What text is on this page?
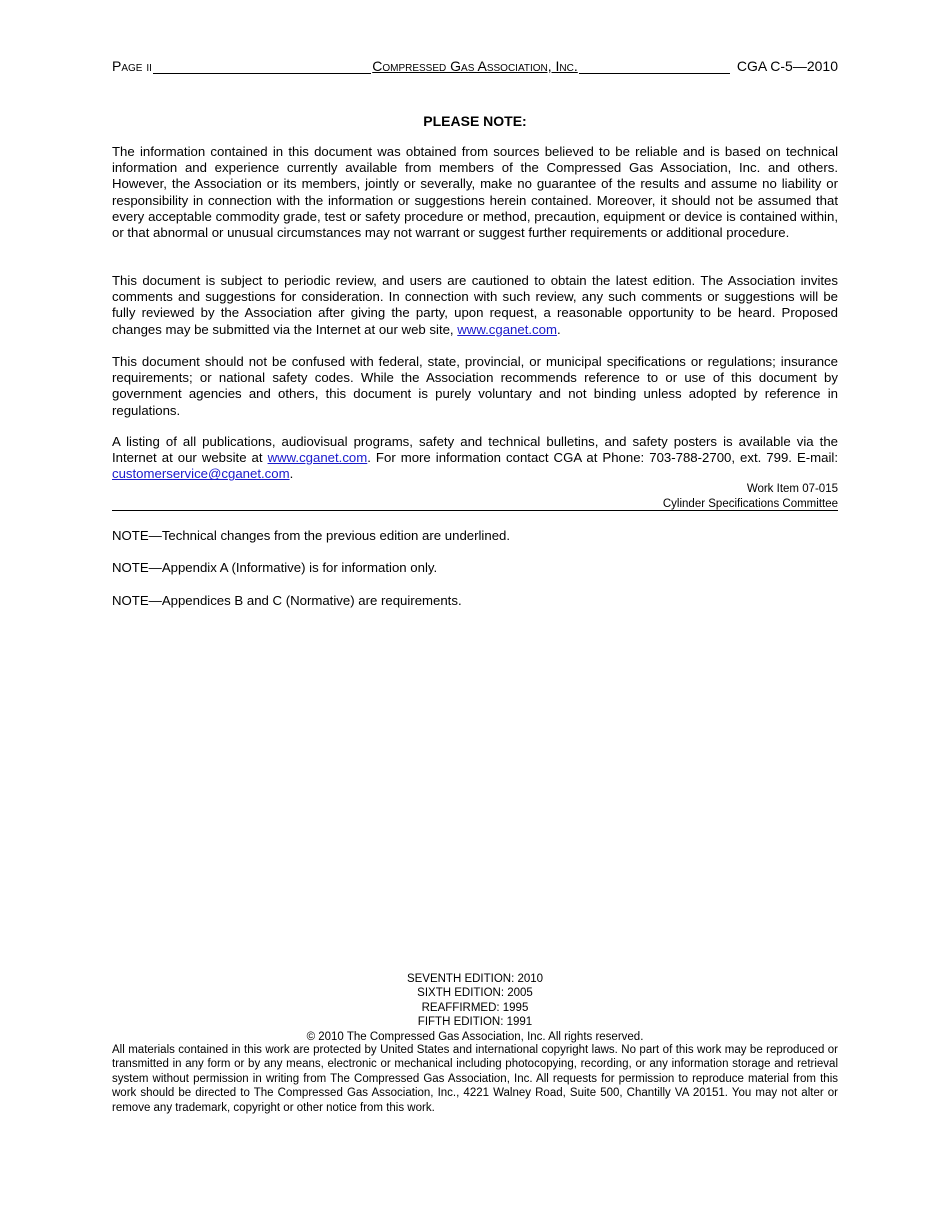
Compressed Gas Association, Inc.
Page ii	CGA C-5—2010
PLEASE NOTE:

The information contained in this document was obtained from sources believed to be reliable and is based on technical information and experience currently available from members of the Compressed Gas Association, Inc. and others. However, the Association or its members, jointly or severally, make no guarantee of the results and assume no liability or responsibility in connection with the information or suggestions herein contained. Moreover, it should not be assumed that every acceptable commodity grade, test or safety procedure or method, precaution, equipment or device is contained within, or that abnormal or unusual circumstances may not warrant or suggest further requirements or additional procedure.

This document is subject to periodic review, and users are cautioned to obtain the latest edition. The Association invites comments and suggestions for consideration. In connection with such review, any such comments or suggestions will be fully reviewed by the Association after giving the party, upon request, a reasonable opportunity to be heard. Proposed changes may be submitted via the Internet at our web site, www.cganet.com.

This document should not be confused with federal, state, provincial, or municipal specifications or regulations; insurance requirements; or national safety codes. While the Association recommends reference to or use of this document by government agencies and others, this document is purely voluntary and not binding unless adopted by reference in regulations.

A listing of all publications, audiovisual programs, safety and technical bulletins, and safety posters is available via the Internet at our website at www.cganet.com. For more information contact CGA at Phone: 703-788-2700, ext. 799. E-mail: customerservice@cganet.com.

Work Item 07-015
Cylinder Specifications Committee
NOTE—Technical changes from the previous edition are underlined.
NOTE—Appendix A (Informative) is for information only.
NOTE—Appendices B and C (Normative) are requirements.
SEVENTH EDITION: 2010
SIXTH EDITION: 2005
REAFFIRMED: 1995
FIFTH EDITION: 1991
© 2010 The Compressed Gas Association, Inc. All rights reserved.

All materials contained in this work are protected by United States and international copyright laws. No part of this work may be reproduced or transmitted in any form or by any means, electronic or mechanical including photocopying, recording, or any information storage and retrieval system without permission in writing from The Compressed Gas Association, Inc. All requests for permission to reproduce material from this work should be directed to The Compressed Gas Association, Inc., 4221 Walney Road, Suite 500, Chantilly VA 20151. You may not alter or remove any trademark, copyright or other notice from this work.
